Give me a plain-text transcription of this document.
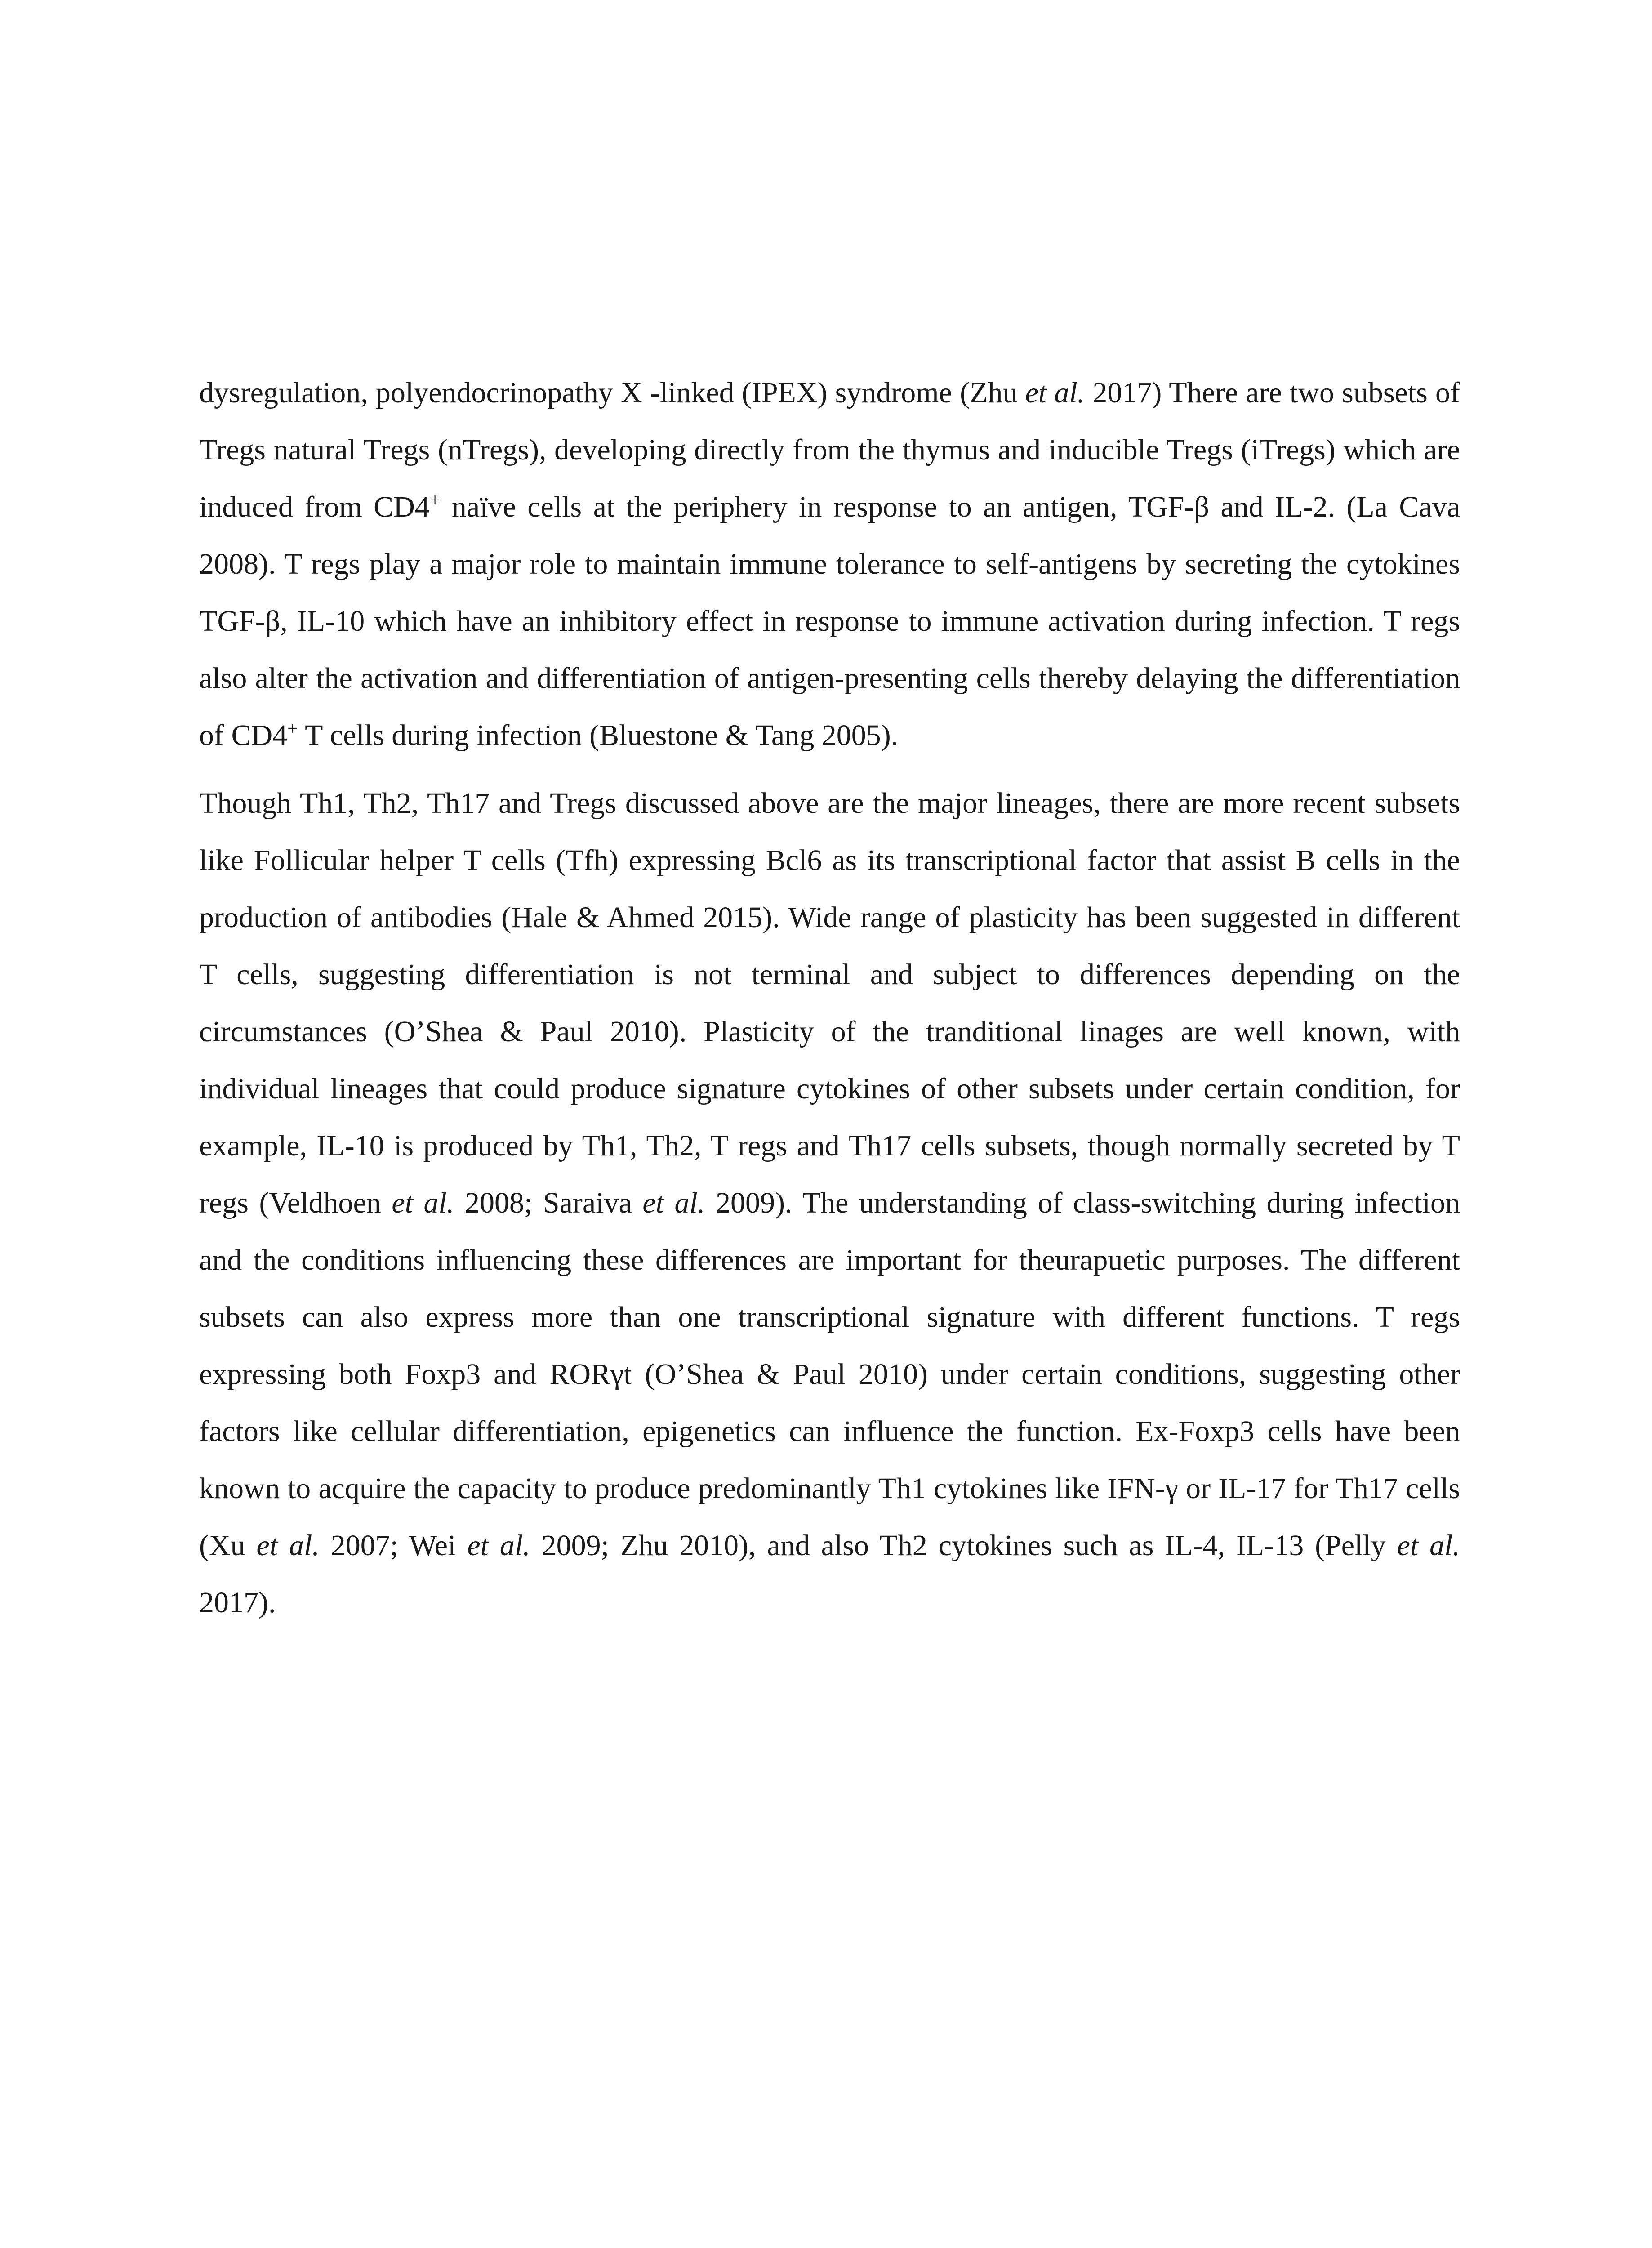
dysregulation, polyendocrinopathy X -linked (IPEX) syndrome (Zhu et al. 2017) There are two subsets of Tregs natural Tregs (nTregs), developing directly from the thymus and inducible Tregs (iTregs) which are induced from CD4+ naïve cells at the periphery in response to an antigen, TGF-β and IL-2. (La Cava 2008). T regs play a major role to maintain immune tolerance to self-antigens by secreting the cytokines TGF-β, IL-10 which have an inhibitory effect in response to immune activation during infection. T regs also alter the activation and differentiation of antigen-presenting cells thereby delaying the differentiation of CD4+ T cells during infection (Bluestone & Tang 2005).

Though Th1, Th2, Th17 and Tregs discussed above are the major lineages, there are more recent subsets like Follicular helper T cells (Tfh) expressing Bcl6 as its transcriptional factor that assist B cells in the production of antibodies (Hale & Ahmed 2015). Wide range of plasticity has been suggested in different T cells, suggesting differentiation is not terminal and subject to differences depending on the circumstances (O’Shea & Paul 2010). Plasticity of the tranditional linages are well known, with individual lineages that could produce signature cytokines of other subsets under certain condition, for example, IL-10 is produced by Th1, Th2, T regs and Th17 cells subsets, though normally secreted by T regs (Veldhoen et al. 2008; Saraiva et al. 2009). The understanding of class-switching during infection and the conditions influencing these differences are important for theurapuetic purposes. The different subsets can also express more than one transcriptional signature with different functions. T regs expressing both Foxp3 and RORγt (O’Shea & Paul 2010) under certain conditions, suggesting other factors like cellular differentiation, epigenetics can influence the function. Ex-Foxp3 cells have been known to acquire the capacity to produce predominantly Th1 cytokines like IFN-γ or IL-17 for Th17 cells (Xu et al. 2007; Wei et al. 2009; Zhu 2010), and also Th2 cytokines such as IL-4, IL-13 (Pelly et al. 2017).
